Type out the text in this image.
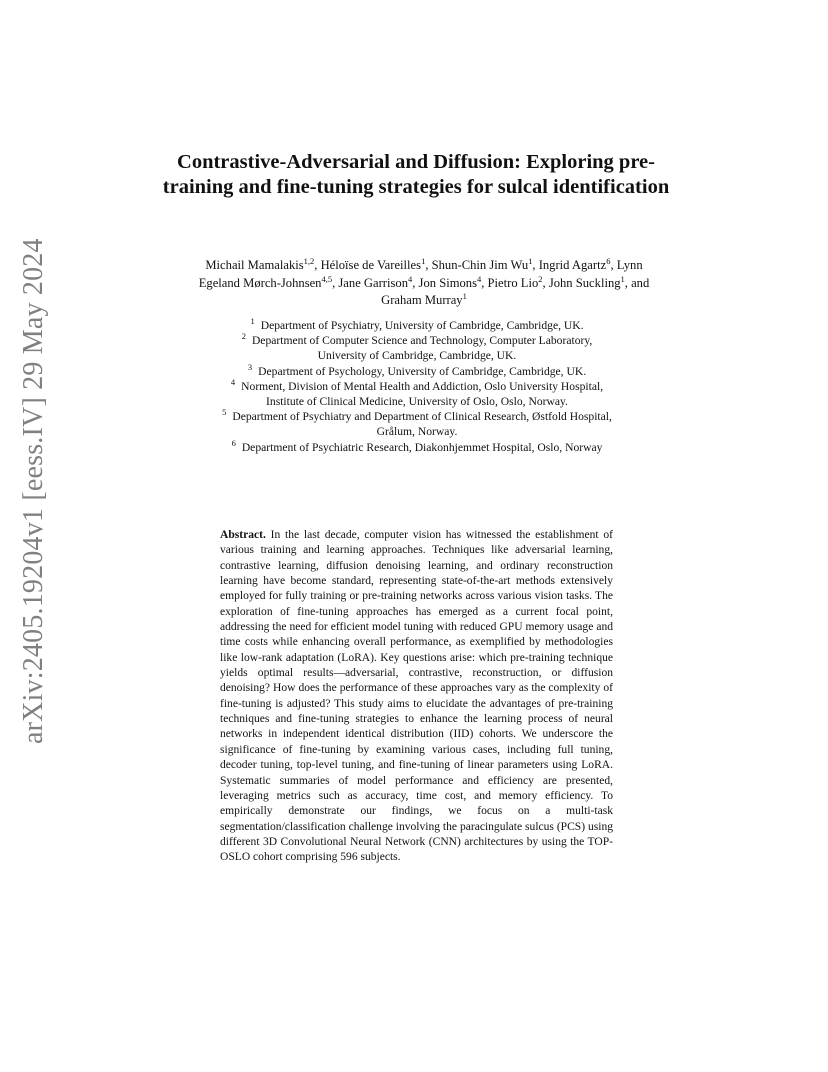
arXiv:2405.19204v1 [eess.IV] 29 May 2024
Contrastive-Adversarial and Diffusion: Exploring pre-training and fine-tuning strategies for sulcal identification
Michail Mamalakis$^{1,2}$, Héloïse de Vareilles$^1$, Shun-Chin Jim Wu$^1$, Ingrid Agartz$^6$, Lynn Egeland Mørch-Johnsen$^{4,5}$, Jane Garrison$^4$, Jon Simons$^4$, Pietro Lio$^2$, John Suckling$^1$, and Graham Murray$^1$
$^1$ Department of Psychiatry, University of Cambridge, Cambridge, UK.
$^2$ Department of Computer Science and Technology, Computer Laboratory,
University of Cambridge, Cambridge, UK.
$^3$ Department of Psychology, University of Cambridge, Cambridge, UK.
$^4$ Norment, Division of Mental Health and Addiction, Oslo University Hospital,
Institute of Clinical Medicine, University of Oslo, Oslo, Norway.
$^5$ Department of Psychiatry and Department of Clinical Research, Østfold Hospital,
Grålum, Norway.
$^6$ Department of Psychiatric Research, Diakonhjemmet Hospital, Oslo, Norway
Abstract. In the last decade, computer vision has witnessed the establishment of various training and learning approaches. Techniques like adversarial learning, contrastive learning, diffusion denoising learning, and ordinary reconstruction learning have become standard, representing state-of-the-art methods extensively employed for fully training or pre-training networks across various vision tasks. The exploration of fine-tuning approaches has emerged as a current focal point, addressing the need for efficient model tuning with reduced GPU memory usage and time costs while enhancing overall performance, as exemplified by methodologies like low-rank adaptation (LoRA). Key questions arise: which pre-training technique yields optimal results—adversarial, contrastive, reconstruction, or diffusion denoising? How does the performance of these approaches vary as the complexity of fine-tuning is adjusted? This study aims to elucidate the advantages of pre-training techniques and fine-tuning strategies to enhance the learning process of neural networks in independent identical distribution (IID) cohorts. We underscore the significance of fine-tuning by examining various cases, including full tuning, decoder tuning, top-level tuning, and fine-tuning of linear parameters using LoRA. Systematic summaries of model performance and efficiency are presented, leveraging metrics such as accuracy, time cost, and memory efficiency. To empirically demonstrate our findings, we focus on a multi-task segmentation/classification challenge involving the paracingulate sulcus (PCS) using different 3D Convolutional Neural Network (CNN) architectures by using the TOP-OSLO cohort comprising 596 subjects.
